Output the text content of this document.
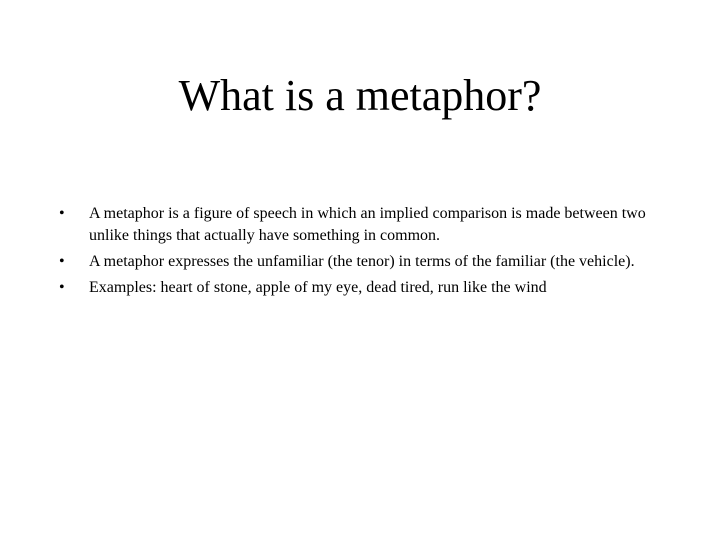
What is a metaphor?
• A metaphor is a figure of speech in which an implied comparison is made between two unlike things that actually have something in common.
• A metaphor expresses the unfamiliar (the tenor) in terms of the familiar (the vehicle).
• Examples: heart of stone, apple of my eye, dead tired, run like the wind
